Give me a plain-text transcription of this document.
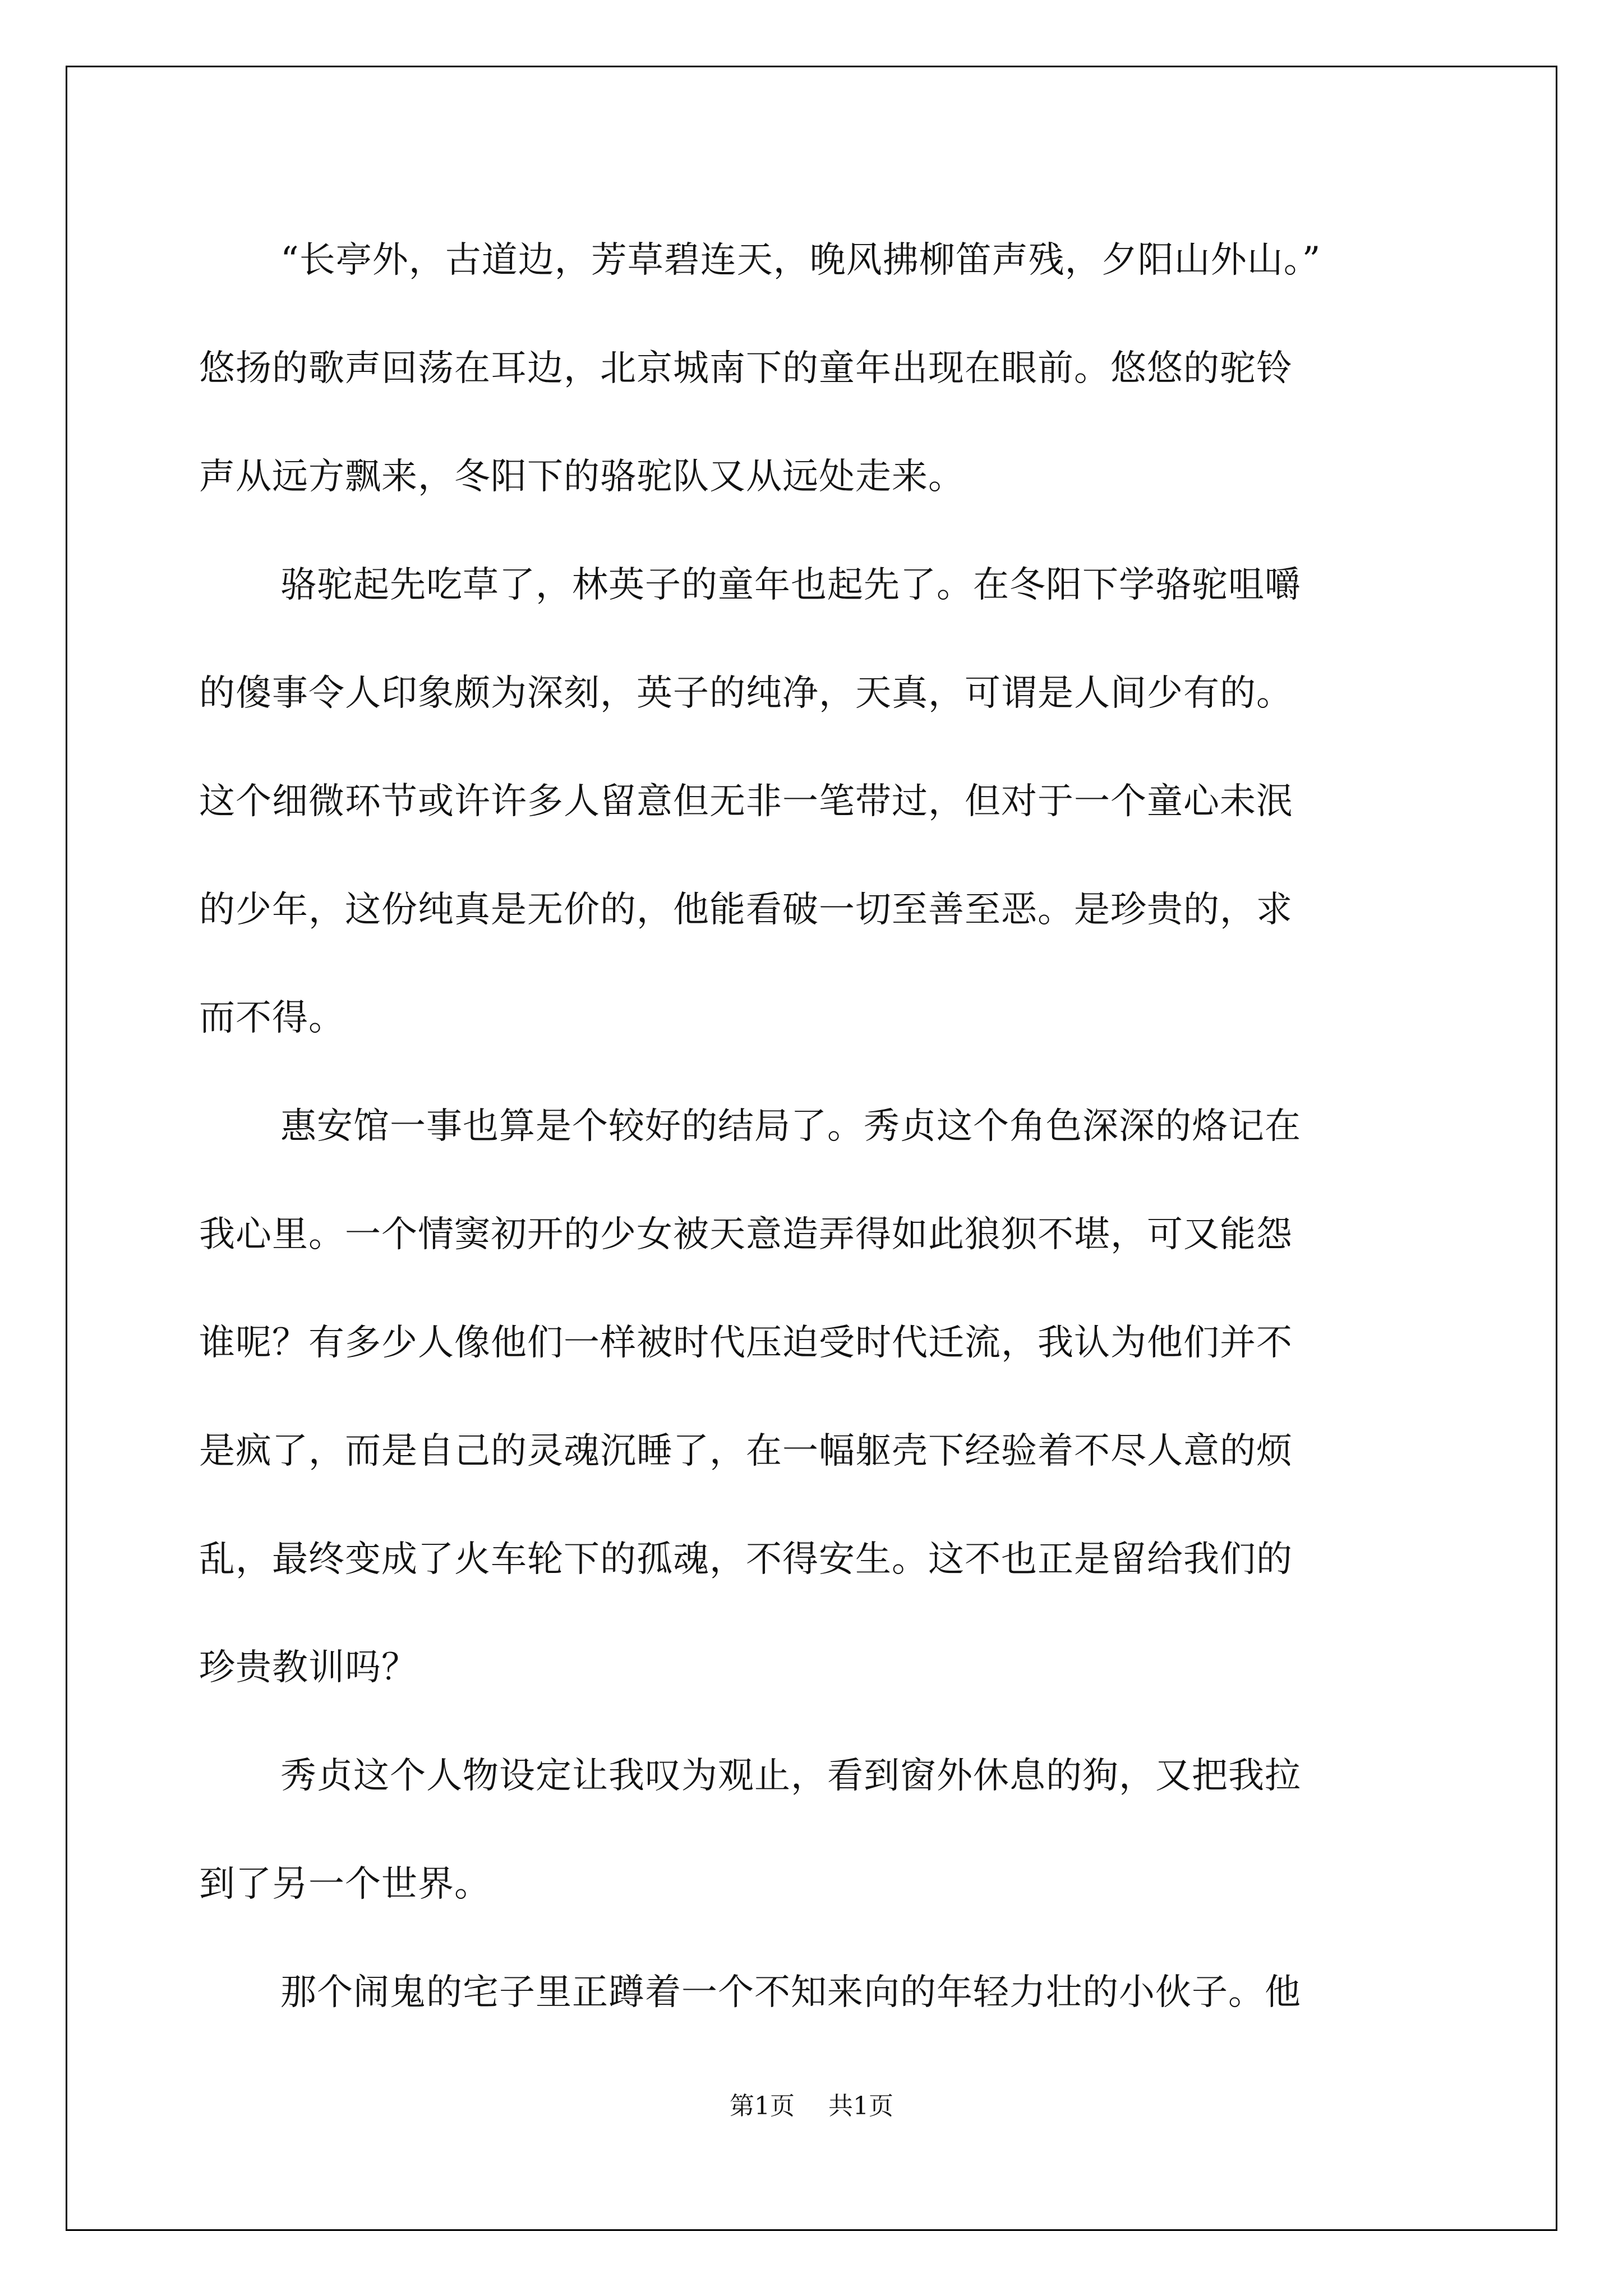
“长亭外，古道边，芳草碧连天，晚风拂柳笛声残，夕阳山外山。”
悠扬的歌声回荡在耳边，北京城南下的童年出现在眼前。悠悠的驼铃
声从远方飘来，冬阳下的骆驼队又从远处走来。
骆驼起先吃草了，林英子的童年也起先了。在冬阳下学骆驼咀嚼
的傻事令人印象颇为深刻，英子的纯净，天真，可谓是人间少有的。
这个细微环节或许许多人留意但无非一笔带过，但对于一个童心未泯
的少年，这份纯真是无价的，他能看破一切至善至恶。是珍贵的，求
而不得。
惠安馆一事也算是个较好的结局了。秀贞这个角色深深的烙记在
我心里。一个情窦初开的少女被天意造弄得如此狼狈不堪，可又能怨
谁呢？有多少人像他们一样被时代压迫受时代迁流，我认为他们并不
是疯了，而是自己的灵魂沉睡了，在一幅躯壳下经验着不尽人意的烦
乱，最终变成了火车轮下的孤魂，不得安生。这不也正是留给我们的
珍贵教训吗？
秀贞这个人物设定让我叹为观止，看到窗外休息的狗，又把我拉
到了另一个世界。
那个闹鬼的宅子里正蹲着一个不知来向的年轻力壮的小伙子。他
第1页 共1页
